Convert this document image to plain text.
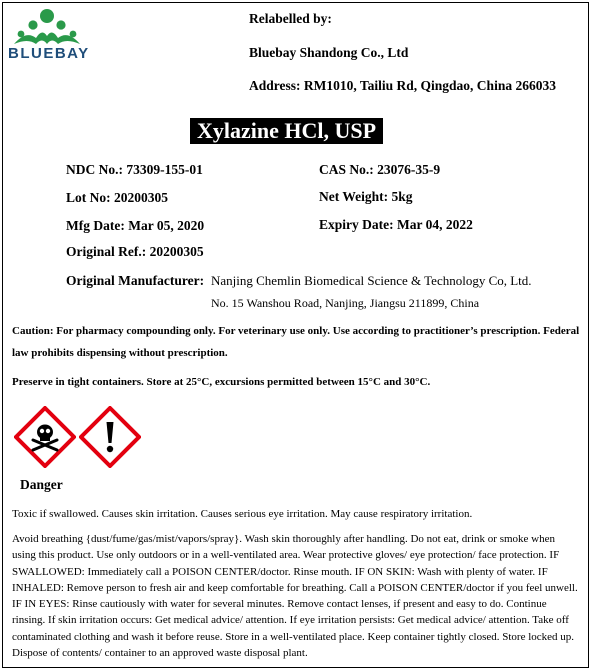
BLUEBAY
Relabelled by:
Bluebay Shandong Co., Ltd
Address: RM1010, Tailiu Rd, Qingdao, China 266033
Xylazine HCl, USP
NDC No.: 73309-155-01
Lot No: 20200305
Mfg Date: Mar 05, 2020
Original Ref.: 20200305
CAS No.: 23076-35-9
Net Weight: 5kg
Expiry Date: Mar 04, 2022
Original Manufacturer: Nanjing Chemlin Biomedical Science & Technology Co, Ltd.
No. 15 Wanshou Road, Nanjing, Jiangsu 211899, China
Caution: For pharmacy compounding only. For veterinary use only. Use according to practitioner’s prescription. Federal law prohibits dispensing without prescription.
Preserve in tight containers. Store at 25°C, excursions permitted between 15°C and 30°C.
Danger
Toxic if swallowed. Causes skin irritation. Causes serious eye irritation. May cause respiratory irritation.
Avoid breathing {dust/fume/gas/mist/vapors/spray}. Wash skin thoroughly after handling. Do not eat, drink or smoke when using this product. Use only outdoors or in a well-ventilated area. Wear protective gloves/ eye protection/ face protection. IF SWALLOWED: Immediately call a POISON CENTER/doctor. Rinse mouth. IF ON SKIN: Wash with plenty of water. IF INHALED: Remove person to fresh air and keep comfortable for breathing. Call a POISON CENTER/doctor if you feel unwell. IF IN EYES: Rinse cautiously with water for several minutes. Remove contact lenses, if present and easy to do. Continue rinsing. If skin irritation occurs: Get medical advice/ attention. If eye irritation persists: Get medical advice/ attention. Take off contaminated clothing and wash it before reuse. Store in a well-ventilated place. Keep container tightly closed. Store locked up. Dispose of contents/ container to an approved waste disposal plant.
